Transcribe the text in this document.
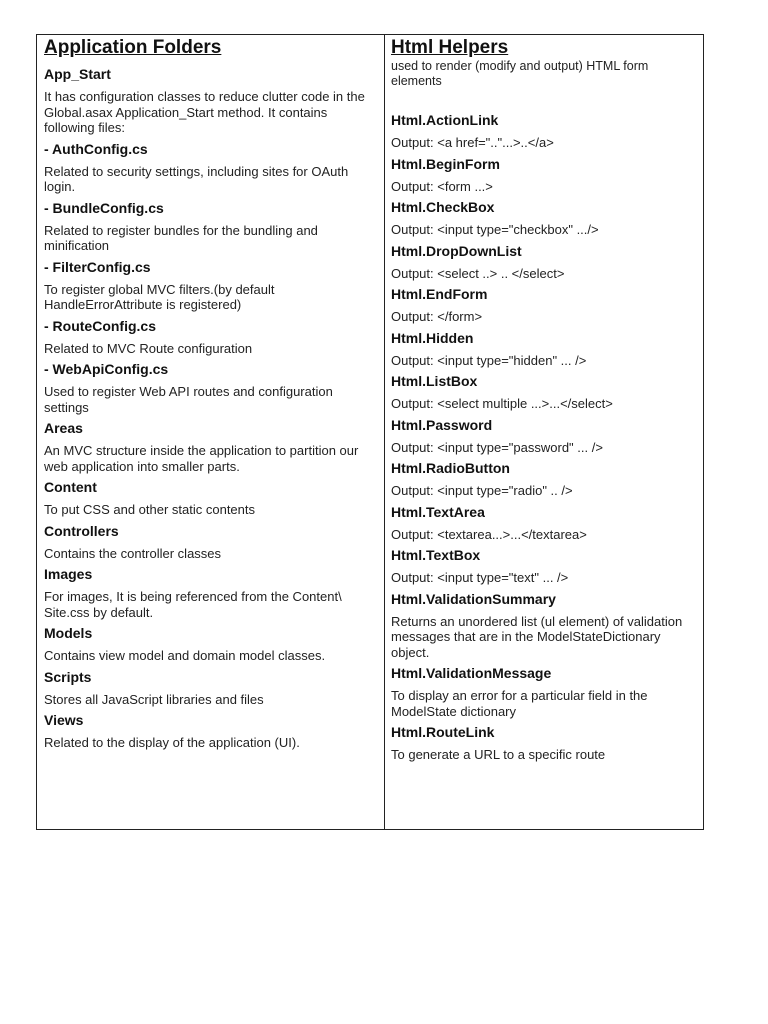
Application Folders
App_Start
It has configuration classes to reduce clutter code in the Global.asax Application_Start method. It contains following files:
- AuthConfig.cs
Related to security settings, including sites for OAuth login.
- BundleConfig.cs
Related to register bundles for the bundling and minification
- FilterConfig.cs
To register global MVC filters.(by default HandleErrorAttribute is registered)
- RouteConfig.cs
Related to MVC Route configuration
- WebApiConfig.cs
Used to register Web API routes and configuration settings
Areas
An MVC structure inside the application to partition our web application into smaller parts.
Content
To put CSS and other static contents
Controllers
Contains the controller classes
Images
For images, It is being referenced from the Content\ Site.css by default.
Models
Contains view model and domain model classes.
Scripts
Stores all JavaScript libraries and files
Views
Related to the display of the application (UI).
Html Helpers
used to render (modify and output) HTML form elements
Html.ActionLink
Output: <a href=".."...>..</a>
Html.BeginForm
Output: <form ...>
Html.CheckBox
Output: <input type="checkbox" .../>
Html.DropDownList
Output: <select ..> .. </select>
Html.EndForm
Output: </form>
Html.Hidden
Output: <input type="hidden" ... />
Html.ListBox
Output: <select multiple ...>...</select>
Html.Password
Output: <input type="password" ... />
Html.RadioButton
Output: <input type="radio" .. />
Html.TextArea
Output: <textarea...>...</textarea>
Html.TextBox
Output: <input type="text" ... />
Html.ValidationSummary
Returns an unordered list (ul element) of validation messages that are in the ModelStateDictionary object.
Html.ValidationMessage
To display an error for a particular field in the ModelState dictionary
Html.RouteLink
To generate a URL to a specific route
